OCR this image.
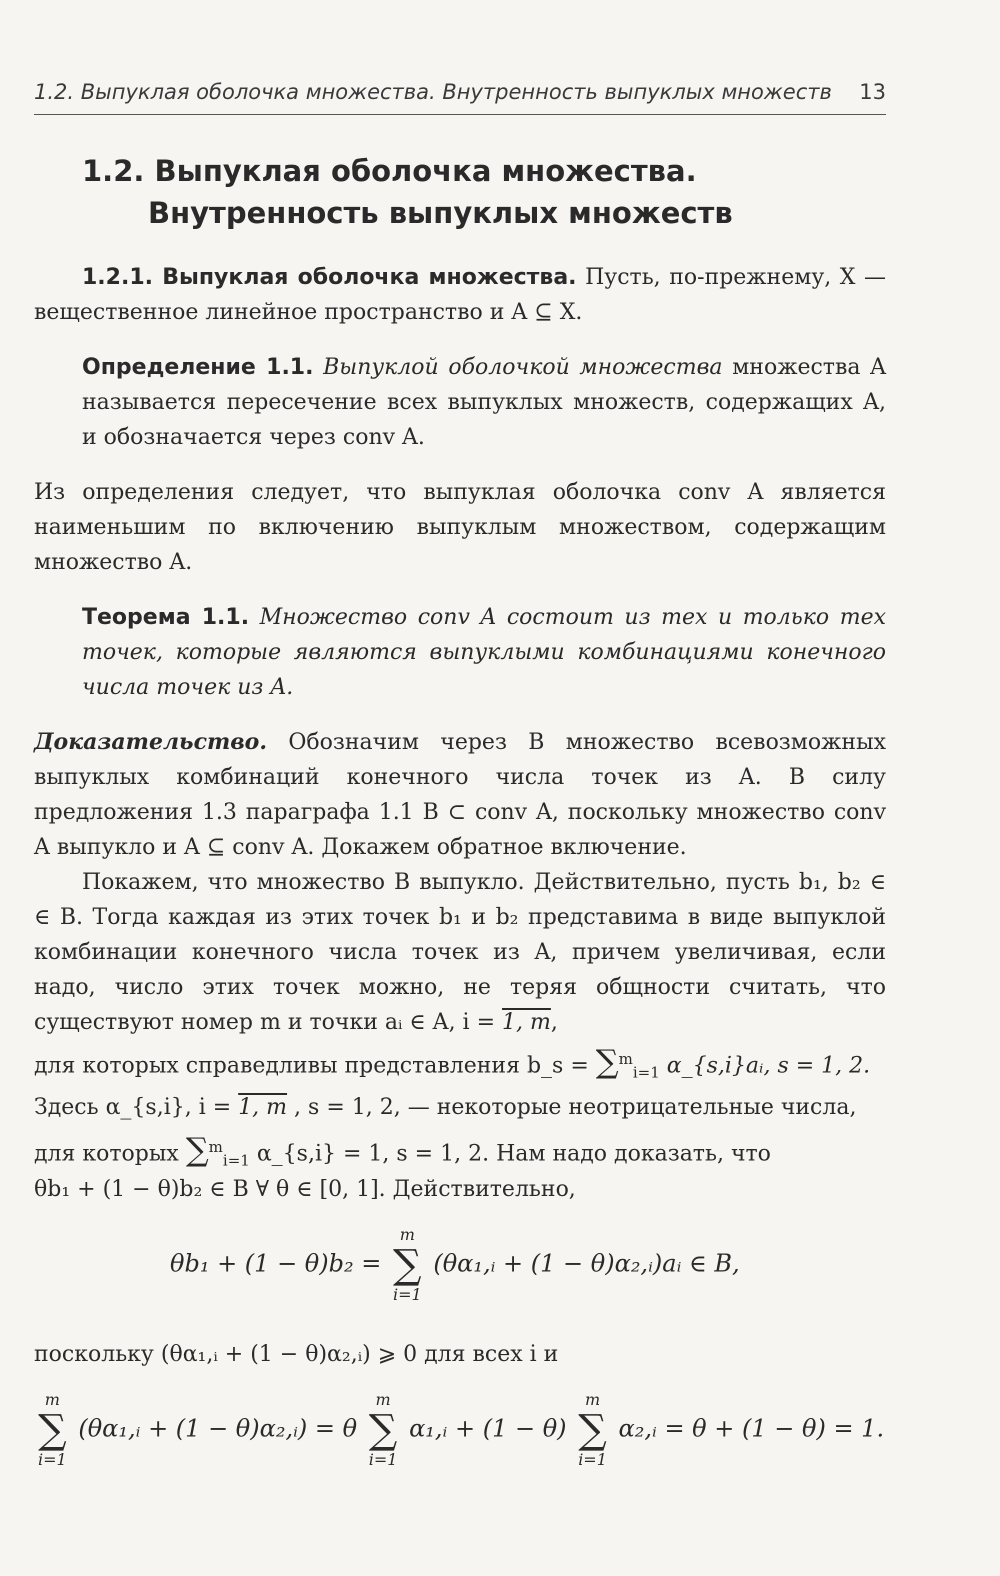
1.2. Выпуклая оболочка множества. Внутренность выпуклых множеств 13
1.2. Выпуклая оболочка множества.
Внутренность выпуклых множеств
1.2.1. Выпуклая оболочка множества. Пусть, по-прежнему, X — вещественное линейное пространство и A ⊆ X.
Определение 1.1. Выпуклой оболочкой множества множества A называется пересечение всех выпуклых множеств, содержащих A, и обозначается через conv A.
Из определения следует, что выпуклая оболочка conv A является наименьшим по включению выпуклым множеством, содержащим множество A.
Теорема 1.1. Множество conv A состоит из тех и только тех точек, которые являются выпуклыми комбинациями конечного числа точек из A.
Доказательство. Обозначим через B множество всевозможных выпуклых комбинаций конечного числа точек из A. В силу предложения 1.3 параграфа 1.1 B ⊂ conv A, поскольку множество conv A выпукло и A ⊆ conv A. Докажем обратное включение.
Покажем, что множество B выпукло. Действительно, пусть b₁, b₂ ∈ ∈ B. Тогда каждая из этих точек b₁ и b₂ представима в виде выпуклой комбинации конечного числа точек из A, причем увеличивая, если надо, число этих точек можно, не теряя общности считать, что существуют номер m и точки aᵢ ∈ A, i = 1, m,
для которых справедливы представления b_s = ∑$^m_{i=1}$ α_{s,i}aᵢ, s = 1, 2.
Здесь α_{s,i}, i = 1, m , s = 1, 2, — некоторые неотрицательные числа,
для которых ∑$^m_{i=1}$ α_{s,i} = 1, s = 1, 2. Нам надо доказать, что
θb₁ + (1 − θ)b₂ ∈ B ∀ θ ∈ [0, 1]. Действительно,
θb₁ + (1 − θ)b₂ =
m
∑
i=1
(θα₁,ᵢ + (1 − θ)α₂,ᵢ)aᵢ ∈ B,
поскольку (θα₁,ᵢ + (1 − θ)α₂,ᵢ) ⩾ 0 для всех i и
m
∑
i=1
(θα₁,ᵢ + (1 − θ)α₂,ᵢ) = θ
m
∑
i=1
α₁,ᵢ + (1 − θ)
m
∑
i=1
α₂,ᵢ = θ + (1 − θ) = 1.
